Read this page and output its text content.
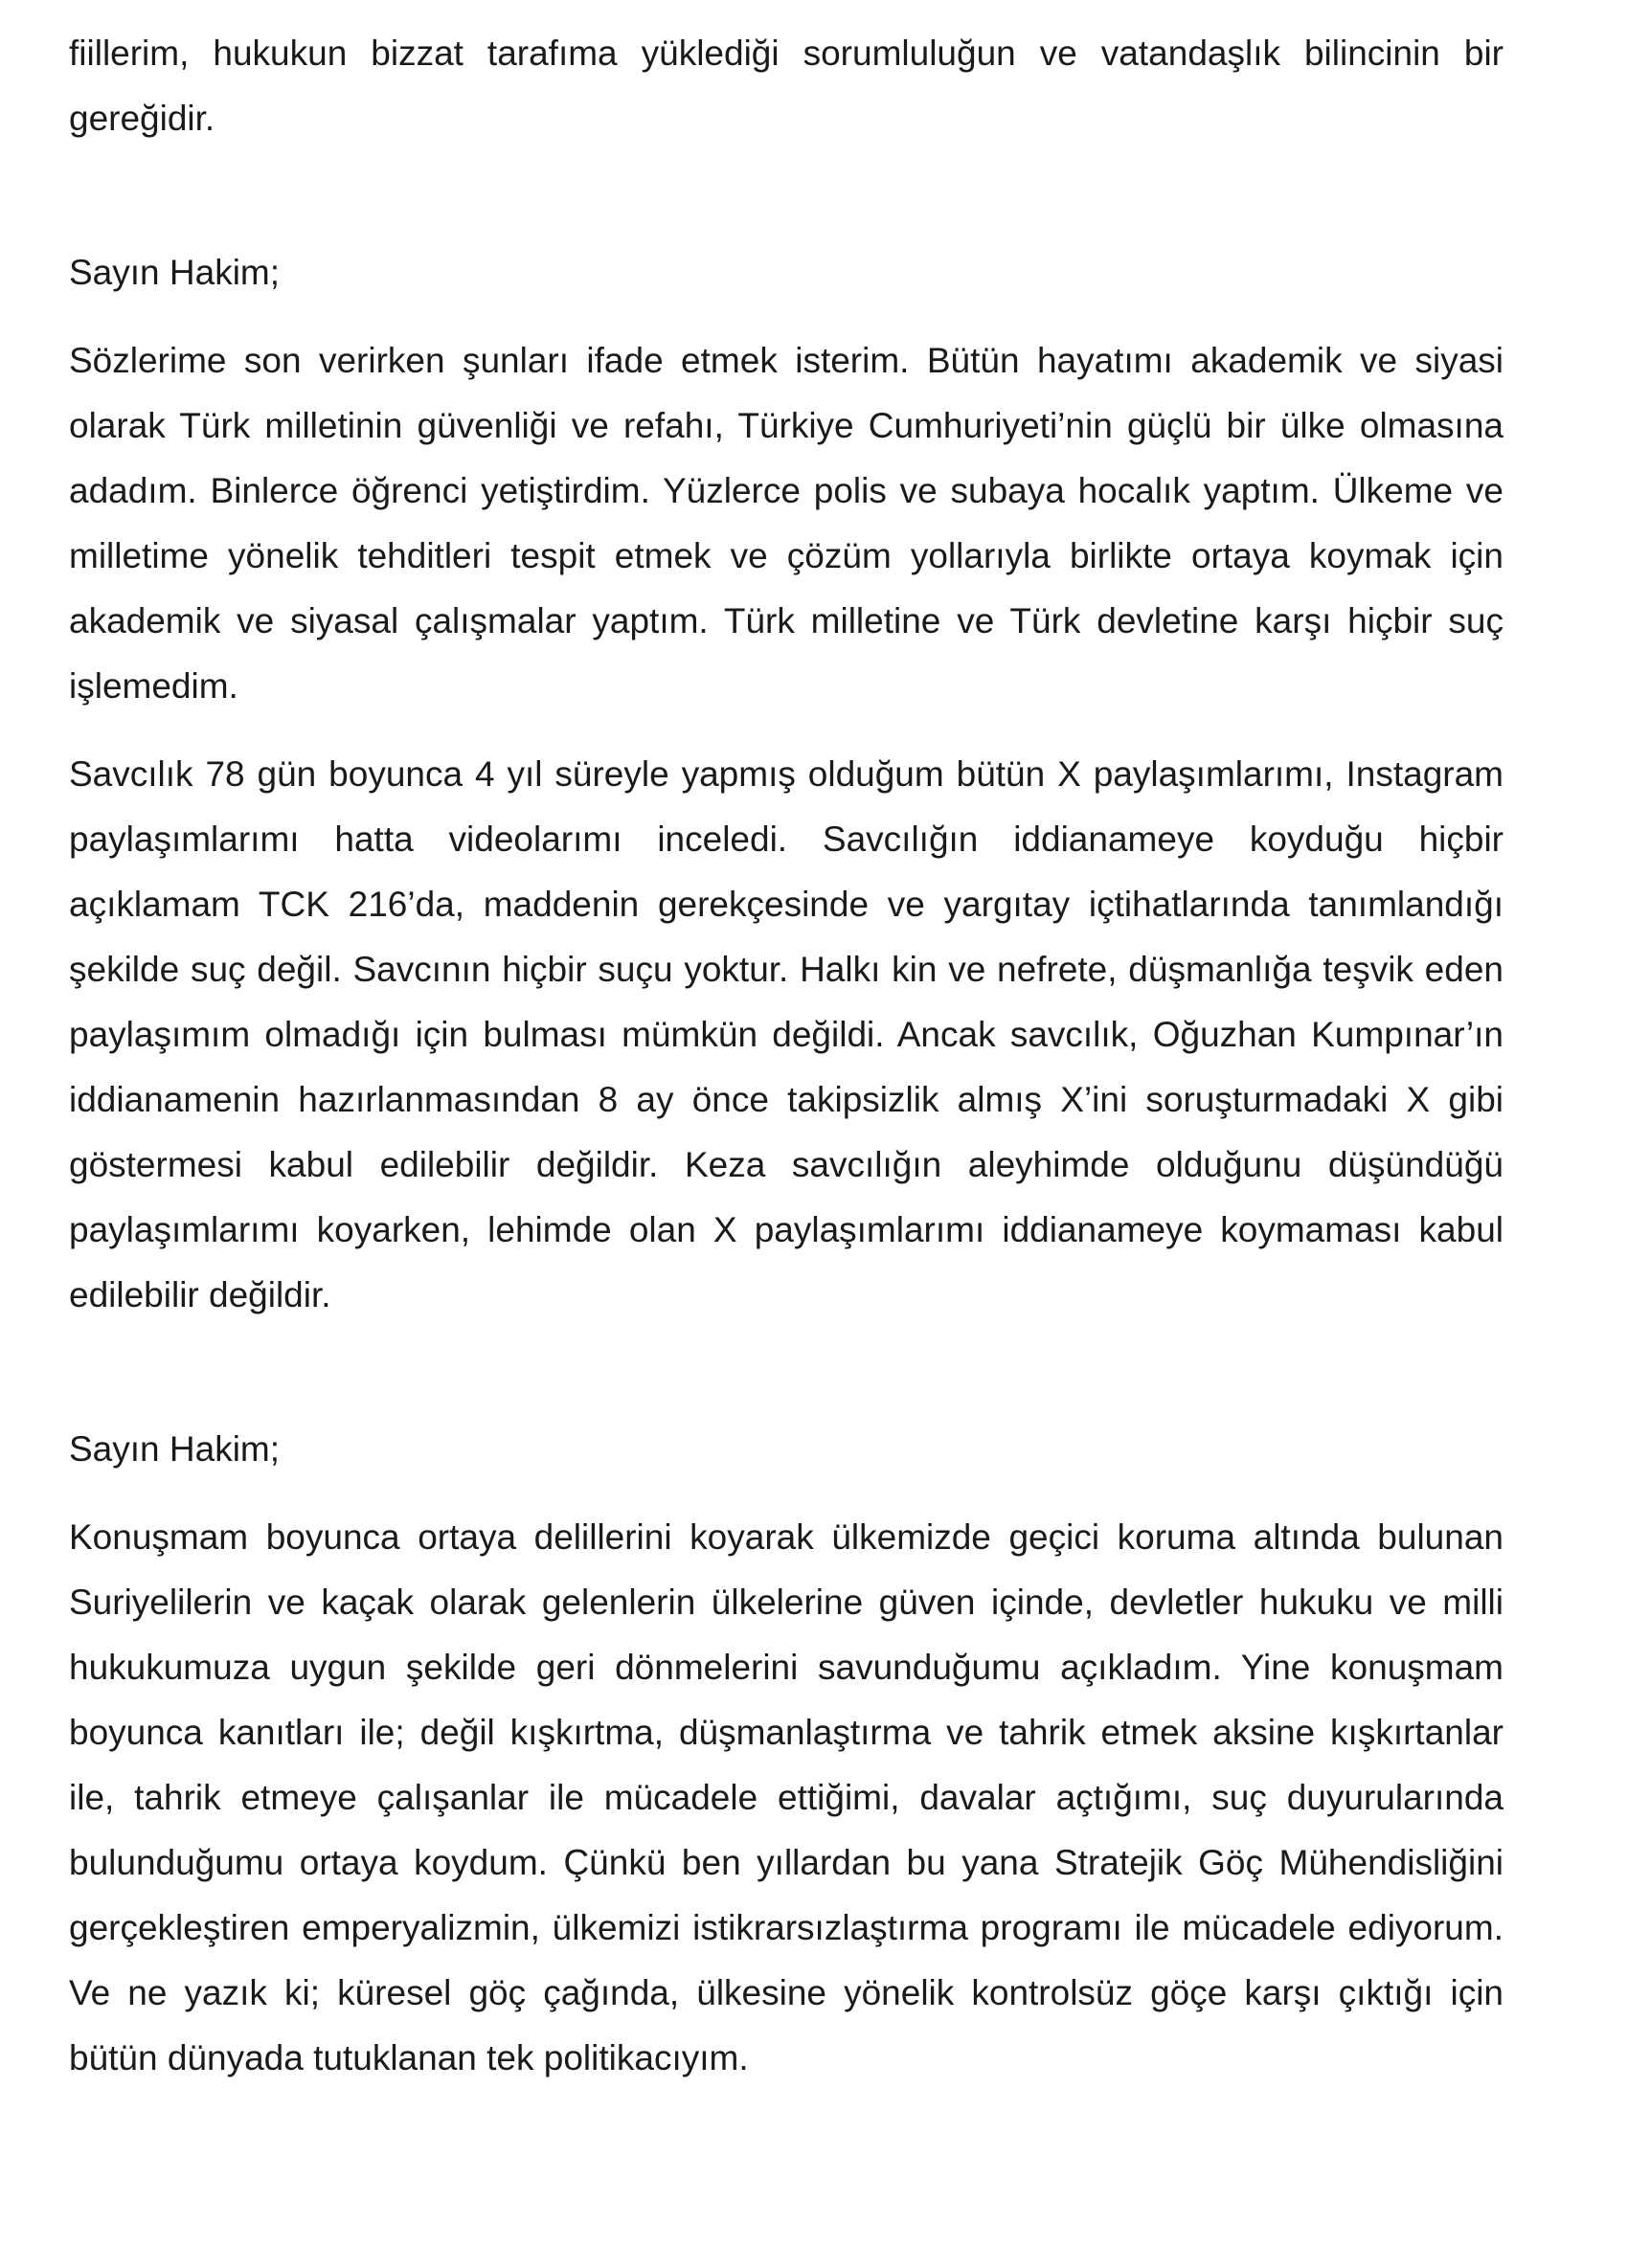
fiillerim, hukukun bizzat tarafıma yüklediği sorumluluğun ve vatandaşlık bilincinin bir gereğidir.

Sayın Hakim;

Sözlerime son verirken şunları ifade etmek isterim. Bütün hayatımı akademik ve siyasi olarak Türk milletinin güvenliği ve refahı, Türkiye Cumhuriyeti’nin güçlü bir ülke olmasına adadım. Binlerce öğrenci yetiştirdim. Yüzlerce polis ve subaya hocalık yaptım. Ülkeme ve milletime yönelik tehditleri tespit etmek ve çözüm yollarıyla birlikte ortaya koymak için akademik ve siyasal çalışmalar yaptım. Türk milletine ve Türk devletine karşı hiçbir suç işlemedim.

Savcılık 78 gün boyunca 4 yıl süreyle yapmış olduğum bütün X paylaşımlarımı, Instagram paylaşımlarımı hatta videolarımı inceledi. Savcılığın iddianameye koyduğu hiçbir açıklamam TCK 216’da, maddenin gerekçesinde ve yargıtay içtihatlarında tanımlandığı şekilde suç değil. Savcının hiçbir suçu yoktur. Halkı kin ve nefrete, düşmanlığa teşvik eden paylaşımım olmadığı için bulması mümkün değildi. Ancak savcılık, Oğuzhan Kumpınar’ın iddianamenin hazırlanmasından 8 ay önce takipsizlik almış X’ini soruşturmadaki X gibi göstermesi kabul edilebilir değildir. Keza savcılığın aleyhimde olduğunu düşündüğü paylaşımlarımı koyarken, lehimde olan X paylaşımlarımı iddianameye koymaması kabul edilebilir değildir.

Sayın Hakim;

Konuşmam boyunca ortaya delillerini koyarak ülkemizde geçici koruma altında bulunan Suriyelilerin ve kaçak olarak gelenlerin ülkelerine güven içinde, devletler hukuku ve milli hukukumuza uygun şekilde geri dönmelerini savunduğumu açıkladım. Yine konuşmam boyunca kanıtları ile; değil kışkırtma, düşmanlaştırma ve tahrik etmek aksine kışkırtanlar ile, tahrik etmeye çalışanlar ile mücadele ettiğimi, davalar açtığımı, suç duyurularında bulunduğumu ortaya koydum. Çünkü ben yıllardan bu yana Stratejik Göç Mühendisliğini gerçekleştiren emperyalizmin, ülkemizi istikrarsızlaştırma programı ile mücadele ediyorum. Ve ne yazık ki; küresel göç çağında, ülkesine yönelik kontrolsüz göçe karşı çıktığı için bütün dünyada tutuklanan tek politikacıyım.
